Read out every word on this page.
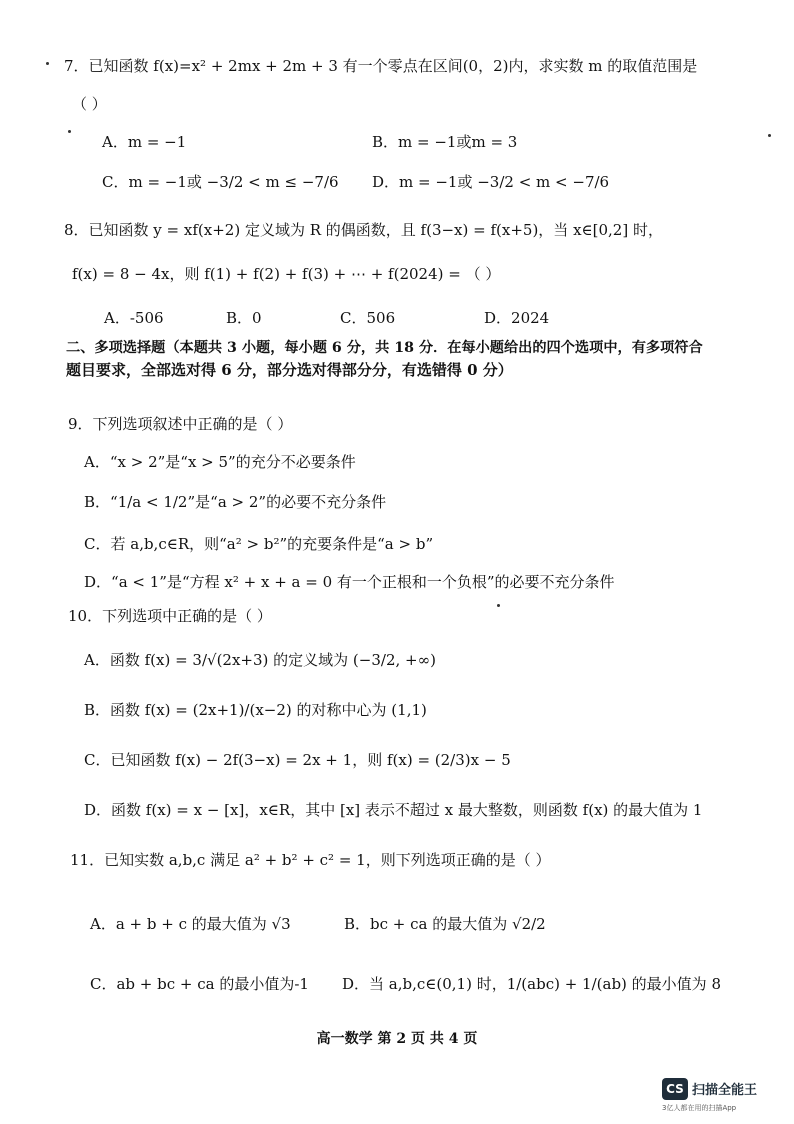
7．已知函数 f(x)=x² + 2mx + 2m + 3 有一个零点在区间(0，2)内，求实数 m 的取值范围是
（ ）
A．m = −1	B．m = −1或m = 3
C．m = −1或 −3/2 < m ≤ −7/6 D．m = −1或 −3/2 < m < −7/6
8．已知函数 y = xf(x+2) 定义域为 R 的偶函数，且 f(3−x) = f(x+5)，当 x∈[0,2] 时，
f(x) = 8 − 4x，则 f(1) + f(2) + f(3) + ⋯ + f(2024) = （ ）
A．-506	B．0	C．506	D．2024
二、多项选择题（本题共 3 小题，每小题 6 分，共 18 分．在每小题给出的四个选项中，有多项符合
题目要求，全部选对得 6 分，部分选对得部分分，有选错得 0 分）
9．下列选项叙述中正确的是（ ）
A．“x > 2”是“x > 5”的充分不必要条件
B．“1/a < 1/2”是“a > 2”的必要不充分条件
C．若 a,b,c∈R，则“a² > b²”的充要条件是“a > b”
D．“a < 1”是“方程 x² + x + a = 0 有一个正根和一个负根”的必要不充分条件
10．下列选项中正确的是（ ）
A．函数 f(x) = 3/√(2x+3) 的定义域为 (−3/2, +∞)
B．函数 f(x) = (2x+1)/(x−2) 的对称中心为 (1,1)
C．已知函数 f(x) − 2f(3−x) = 2x + 1，则 f(x) = (2/3)x − 5
D．函数 f(x) = x − [x]，x∈R，其中 [x] 表示不超过 x 最大整数，则函数 f(x) 的最大值为 1
11．已知实数 a,b,c 满足 a² + b² + c² = 1，则下列选项正确的是（ ）
A．a + b + c 的最大值为 √3	B．bc + ca 的最大值为 √2/2
C．ab + bc + ca 的最小值为-1 D．当 a,b,c∈(0,1) 时，1/(abc) + 1/(ab) 的最小值为 8
高一数学 第 2 页 共 4 页
CS 扫描全能王
3亿人都在用的扫描App
